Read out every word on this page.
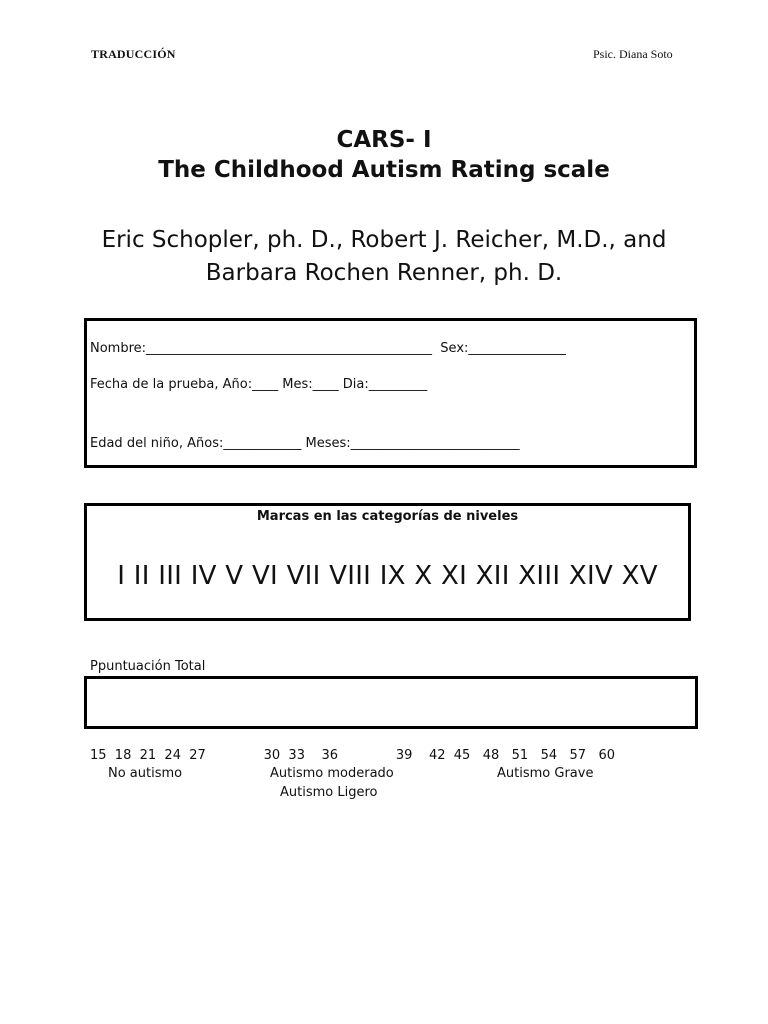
TRADUCCIÓN	Psic. Diana Soto
CARS- I
The Childhood Autism Rating scale
Eric Schopler, ph. D., Robert J. Reicher, M.D., and
Barbara Rochen Renner, ph. D.
Nombre:____________________________________________  Sex:_______________
Fecha de la prueba, Año:____ Mes:____ Dia:_________
Edad del niño, Años:____________ Meses:__________________________
Marcas en las categorías de niveles
I II III IV V VI VII VIII IX X XI XII XIII XIV XV
Ppuntuación Total
15  18  21  24  27              30  33    36              39    42  45   48   51   54   57   60
No autismo	Autismo moderado	Autismo Grave
Autismo Ligero
